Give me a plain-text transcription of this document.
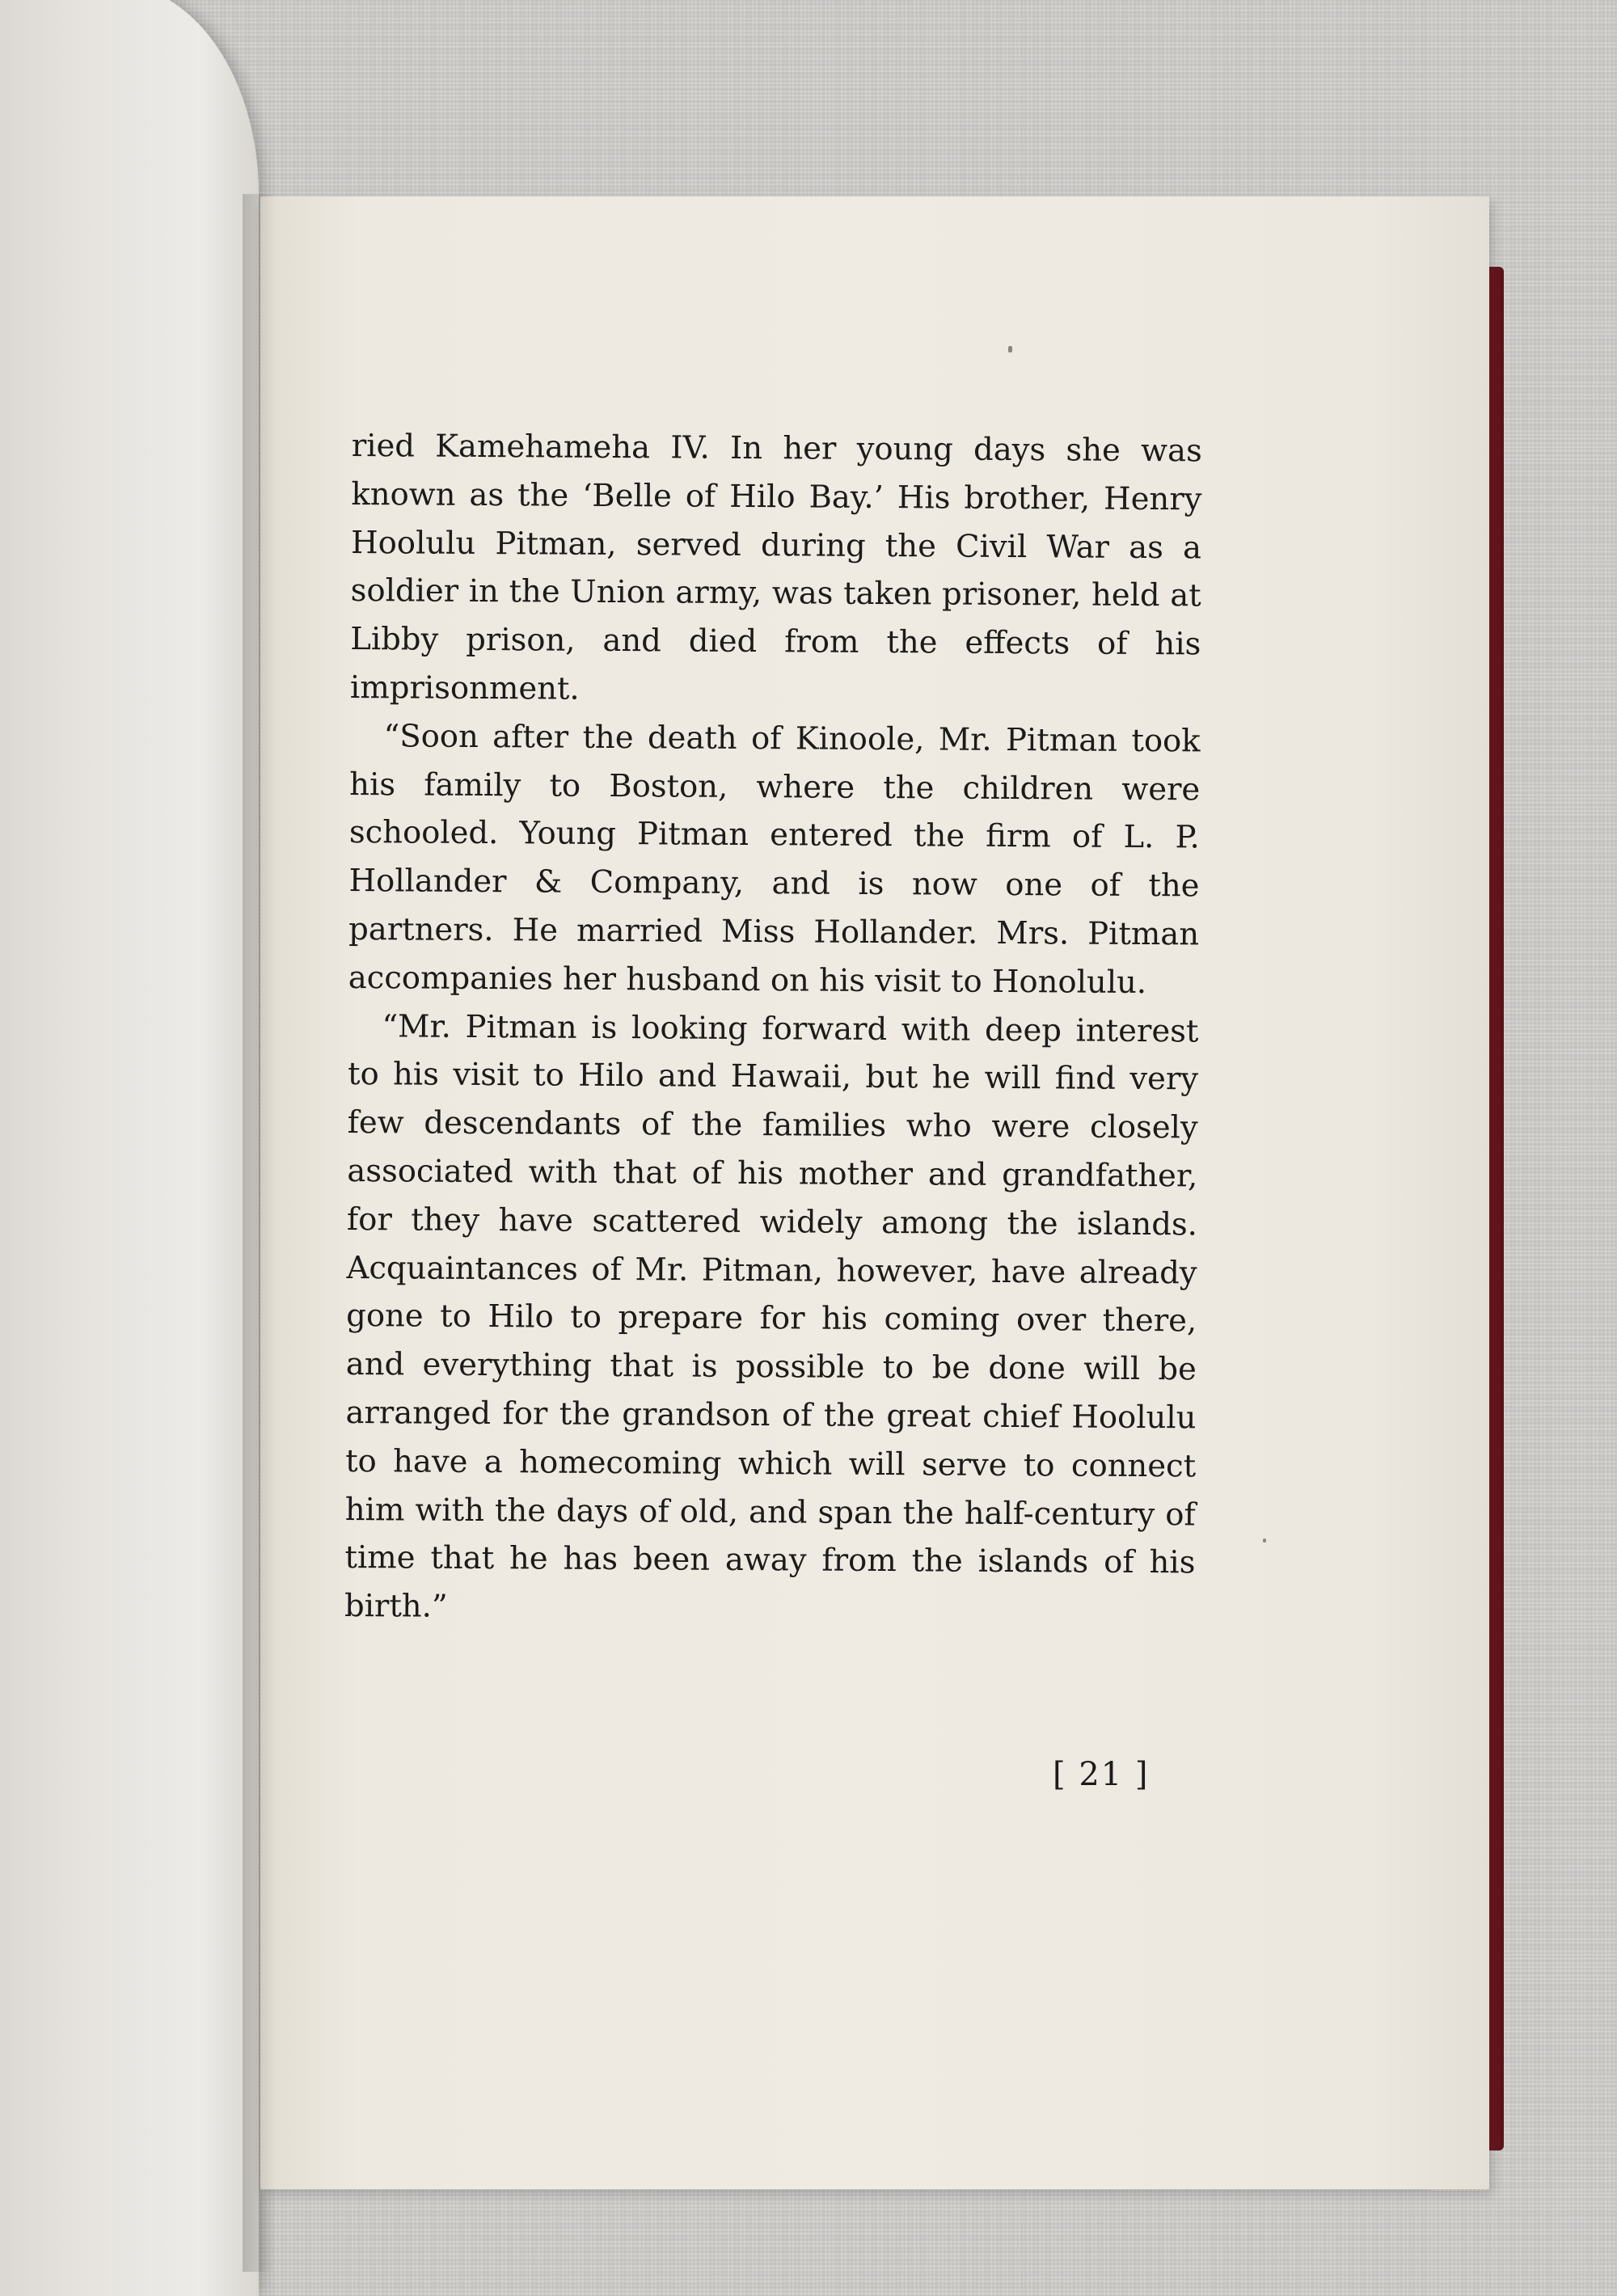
ried Kamehameha IV. In her young days she was known as the ‘Belle of Hilo Bay.’ His brother, Henry Hoolulu Pitman, served during the Civil War as a soldier in the Union army, was taken prisoner, held at Libby prison, and died from the effects of his imprisonment.

“Soon after the death of Kinoole, Mr. Pitman took his family to Boston, where the children were schooled. Young Pitman entered the firm of L. P. Hollander & Company, and is now one of the partners. He married Miss Hollander. Mrs. Pitman accompanies her husband on his visit to Honolulu.

“Mr. Pitman is looking forward with deep interest to his visit to Hilo and Hawaii, but he will find very few descendants of the families who were closely associated with that of his mother and grandfather, for they have scattered widely among the islands. Acquaintances of Mr. Pitman, however, have already gone to Hilo to prepare for his coming over there, and everything that is possible to be done will be arranged for the grandson of the great chief Hoolulu to have a homecoming which will serve to connect him with the days of old, and span the half-century of time that he has been away from the islands of his birth.”

[ 21 ]
